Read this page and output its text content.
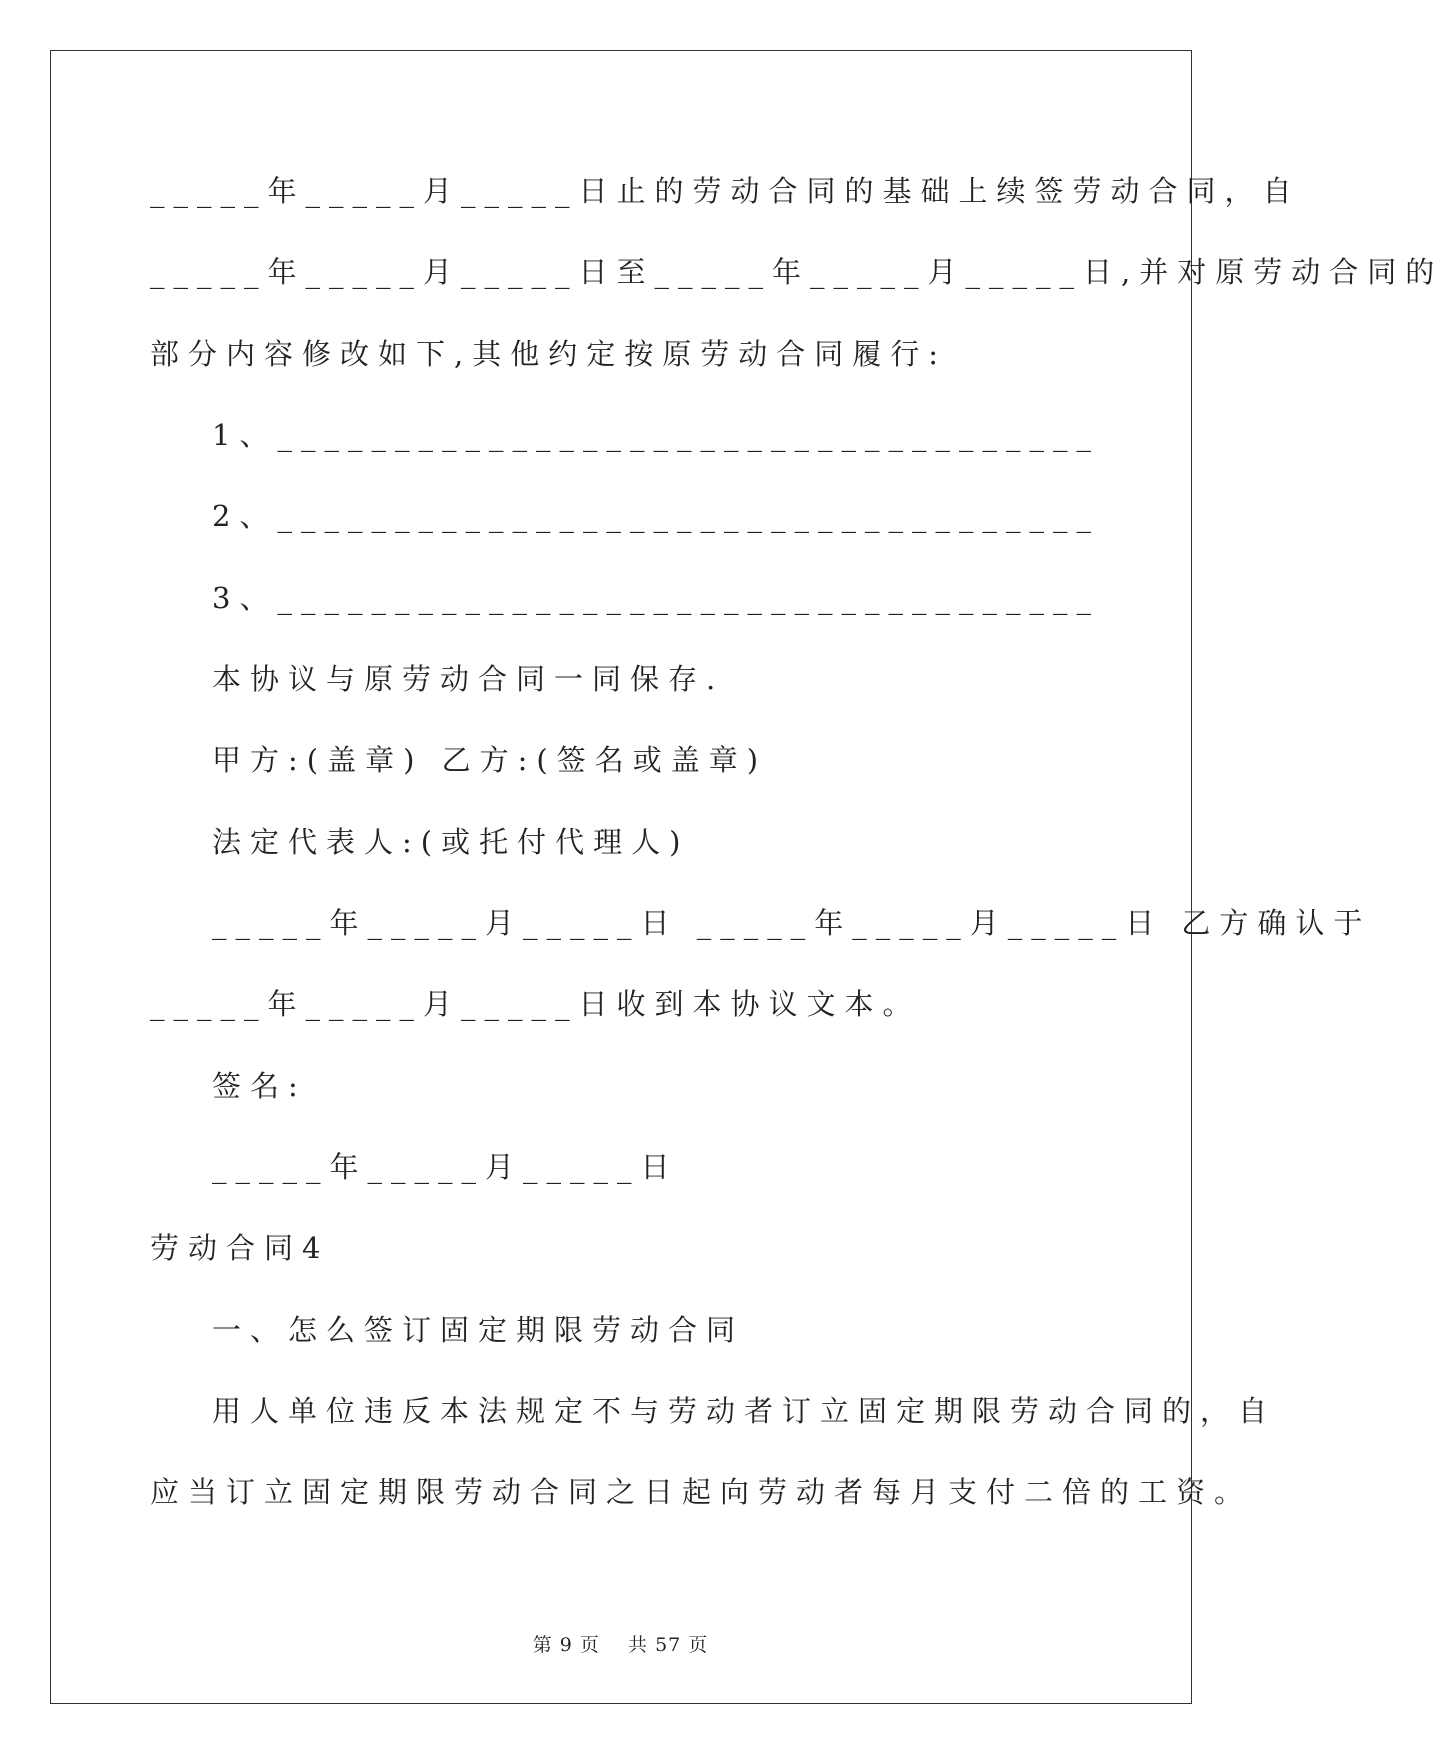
_____年_____月_____日止的劳动合同的基础上续签劳动合同，自
_____年_____月_____日至_____年_____月_____日,并对原劳动合同的
部分内容修改如下,其他约定按原劳动合同履行:
1、___________________________________
2、___________________________________
3、___________________________________
本协议与原劳动合同一同保存.
甲方:(盖章) 乙方:(签名或盖章)
法定代表人:(或托付代理人)
_____年_____月_____日 _____年_____月_____日 乙方确认于
_____年_____月_____日收到本协议文本。
签名:
_____年_____月_____日
劳动合同4
一、怎么签订固定期限劳动合同
用人单位违反本法规定不与劳动者订立固定期限劳动合同的，自
应当订立固定期限劳动合同之日起向劳动者每月支付二倍的工资。
第 9 页    共 57 页
